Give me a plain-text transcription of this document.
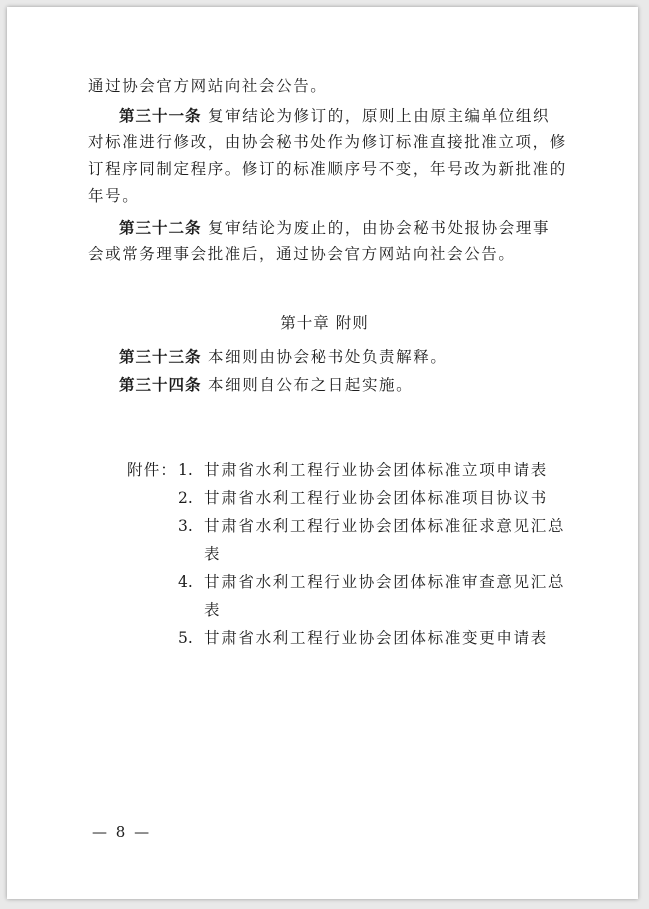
通过协会官方网站向社会公告。
第三十一条 复审结论为修订的，原则上由原主编单位组织
对标准进行修改，由协会秘书处作为修订标准直接批准立项，修
订程序同制定程序。修订的标准顺序号不变，年号改为新批准的
年号。
第三十二条 复审结论为废止的，由协会秘书处报协会理事
会或常务理事会批准后，通过协会官方网站向社会公告。
第十章 附则
第三十三条 本细则由协会秘书处负责解释。
第三十四条 本细则自公布之日起实施。
附件： 1. 甘肃省水利工程行业协会团体标准立项申请表
2. 甘肃省水利工程行业协会团体标准项目协议书
3. 甘肃省水利工程行业协会团体标准征求意见汇总
表
4. 甘肃省水利工程行业协会团体标准审查意见汇总
表
5. 甘肃省水利工程行业协会团体标准变更申请表
— 8 —
